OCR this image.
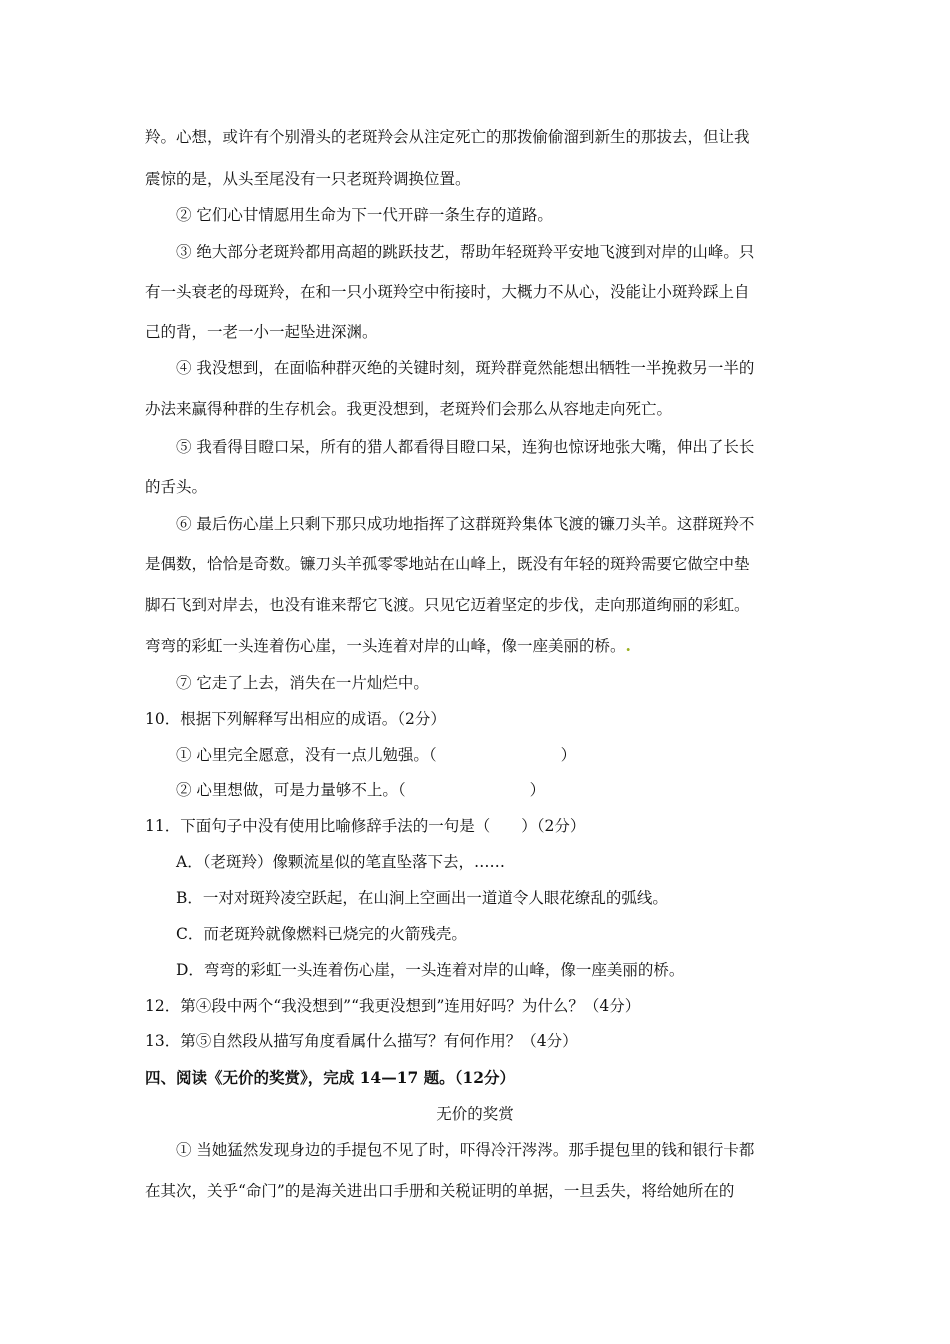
羚。心想，或许有个别滑头的老斑羚会从注定死亡的那拨偷偷溜到新生的那拔去，但让我
震惊的是，从头至尾没有一只老斑羚调换位置。
② 它们心甘情愿用生命为下一代开辟一条生存的道路。
③ 绝大部分老斑羚都用高超的跳跃技艺，帮助年轻斑羚平安地飞渡到对岸的山峰。只
有一头衰老的母斑羚，在和一只小斑羚空中衔接时，大概力不从心，没能让小斑羚踩上自
己的背，一老一小一起坠进深渊。
④ 我没想到，在面临种群灭绝的关键时刻，斑羚群竟然能想出牺牲一半挽救另一半的
办法来赢得种群的生存机会。我更没想到，老斑羚们会那么从容地走向死亡。
⑤ 我看得目瞪口呆，所有的猎人都看得目瞪口呆，连狗也惊讶地张大嘴，伸出了长长
的舌头。
⑥ 最后伤心崖上只剩下那只成功地指挥了这群斑羚集体飞渡的镰刀头羊。这群斑羚不
是偶数，恰恰是奇数。镰刀头羊孤零零地站在山峰上，既没有年轻的斑羚需要它做空中垫
脚石飞到对岸去，也没有谁来帮它飞渡。只见它迈着坚定的步伐，走向那道绚丽的彩虹。
弯弯的彩虹一头连着伤心崖，一头连着对岸的山峰，像一座美丽的桥。.
⑦ 它走了上去，消失在一片灿烂中。
10．根据下列解释写出相应的成语。（2分）
① 心里完全愿意，没有一点儿勉强。（　　　　　　　　）
② 心里想做，可是力量够不上。（　　　　　　　　）
11．下面句子中没有使用比喻修辞手法的一句是（　　）（2分）
A．（老斑羚）像颗流星似的笔直坠落下去，……
B．一对对斑羚凌空跃起，在山涧上空画出一道道令人眼花缭乱的弧线。
C．而老斑羚就像燃料已烧完的火箭残壳。
D．弯弯的彩虹一头连着伤心崖，一头连着对岸的山峰，像一座美丽的桥。
12．第④段中两个“我没想到”“我更没想到”连用好吗？为什么？（4分）
13．第⑤自然段从描写角度看属什么描写？有何作用？（4分）
四、阅读《无价的奖赏》，完成 14—17 题。（12分）
无价的奖赏
① 当她猛然发现身边的手提包不见了时，吓得冷汗涔涔。那手提包里的钱和银行卡都
在其次，关乎“命门”的是海关进出口手册和关税证明的单据，一旦丢失，将给她所在的
